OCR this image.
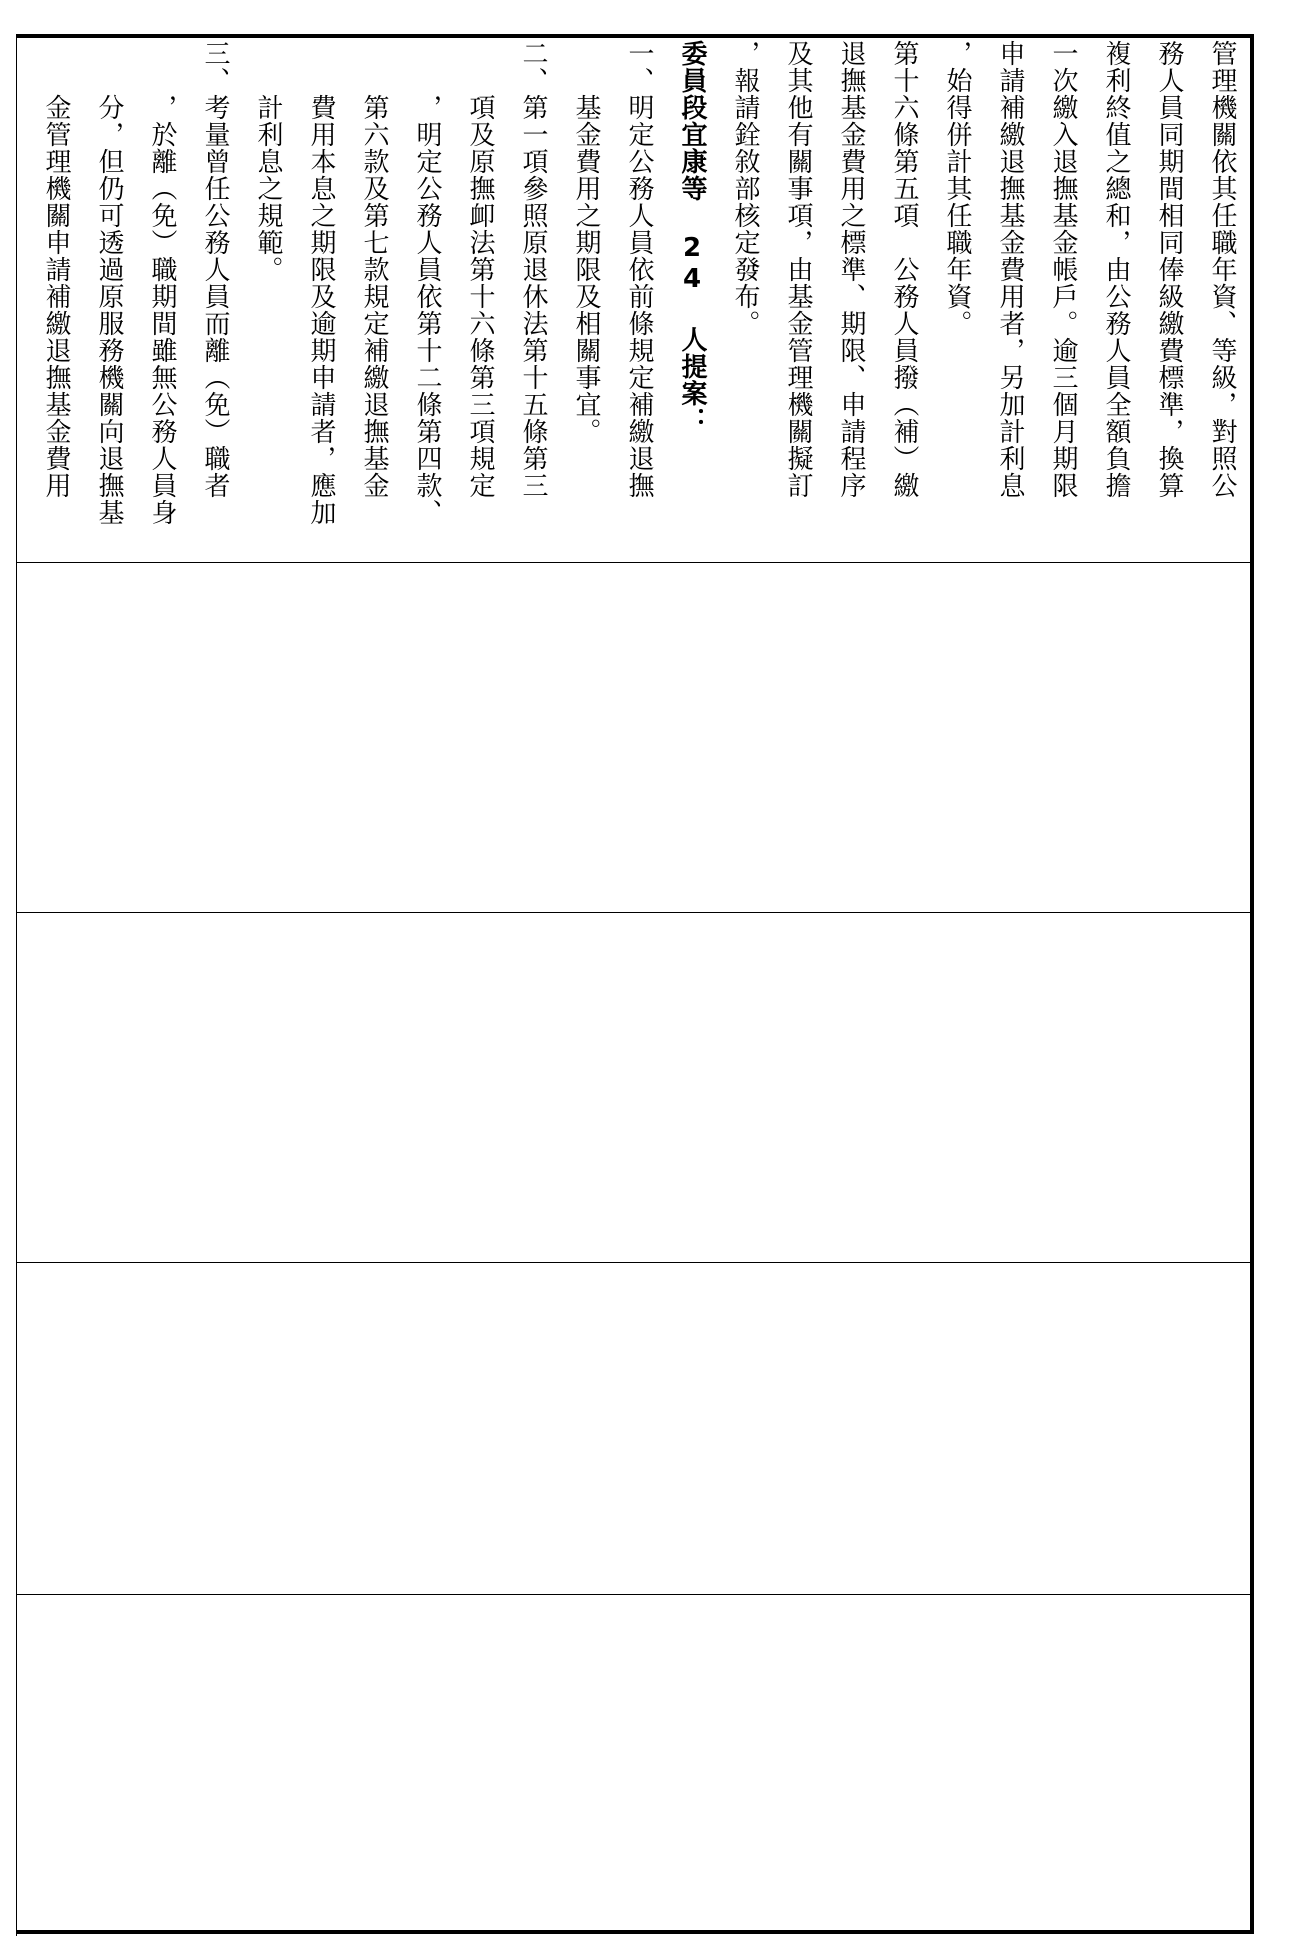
管理機關依其任職年資、等級，對照公
務人員同期間相同俸級繳費標準，換算
複利終值之總和，由公務人員全額負擔
一次繳入退撫基金帳戶。逾三個月期限
申請補繳退撫基金費用者，另加計利息
，始得併計其任職年資。
第十六條第五項　公務人員撥（補）繳
退撫基金費用之標準、期限、申請程序
及其他有關事項，由基金管理機關擬訂
，報請銓敘部核定發布。
委員段宜康等 24 人提案：
一、明定公務人員依前條規定補繳退撫
　　基金費用之期限及相關事宜。
二、第一項參照原退休法第十五條第三
　　項及原撫卹法第十六條第三項規定
　　，明定公務人員依第十二條第四款、
　　第六款及第七款規定補繳退撫基金
　　費用本息之期限及逾期申請者，應加
　　計利息之規範。
三、考量曾任公務人員而離（免）職者
　　，於離（免）職期間雖無公務人員身
　　分，但仍可透過原服務機關向退撫基
　　金管理機關申請補繳退撫基金費用
